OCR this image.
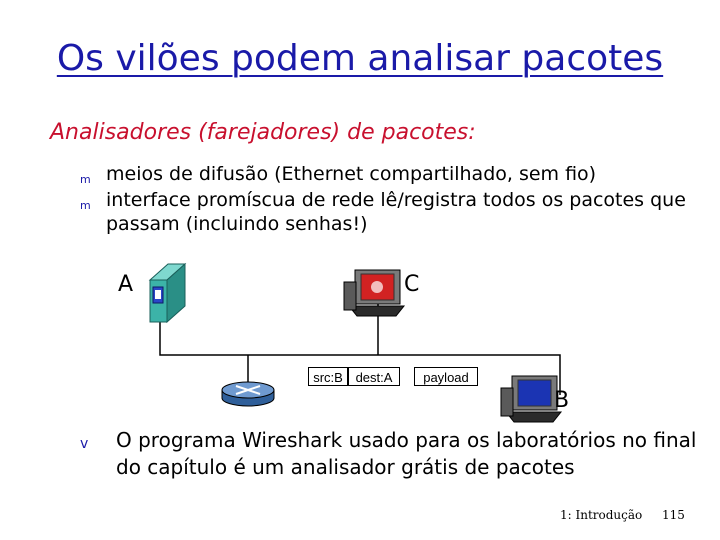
Os vilões podem analisar pacotes
Analisadores (farejadores) de pacotes:
m meios de difusão (Ethernet compartilhado, sem fio)
m interface promíscua de rede lê/registra todos os pacotes que passam (incluindo senhas!)
A	C
B
src:B dest:A	payload
v O programa Wireshark usado para os laboratórios no final do capítulo é um analisador grátis de pacotes
1: Introdução 115
